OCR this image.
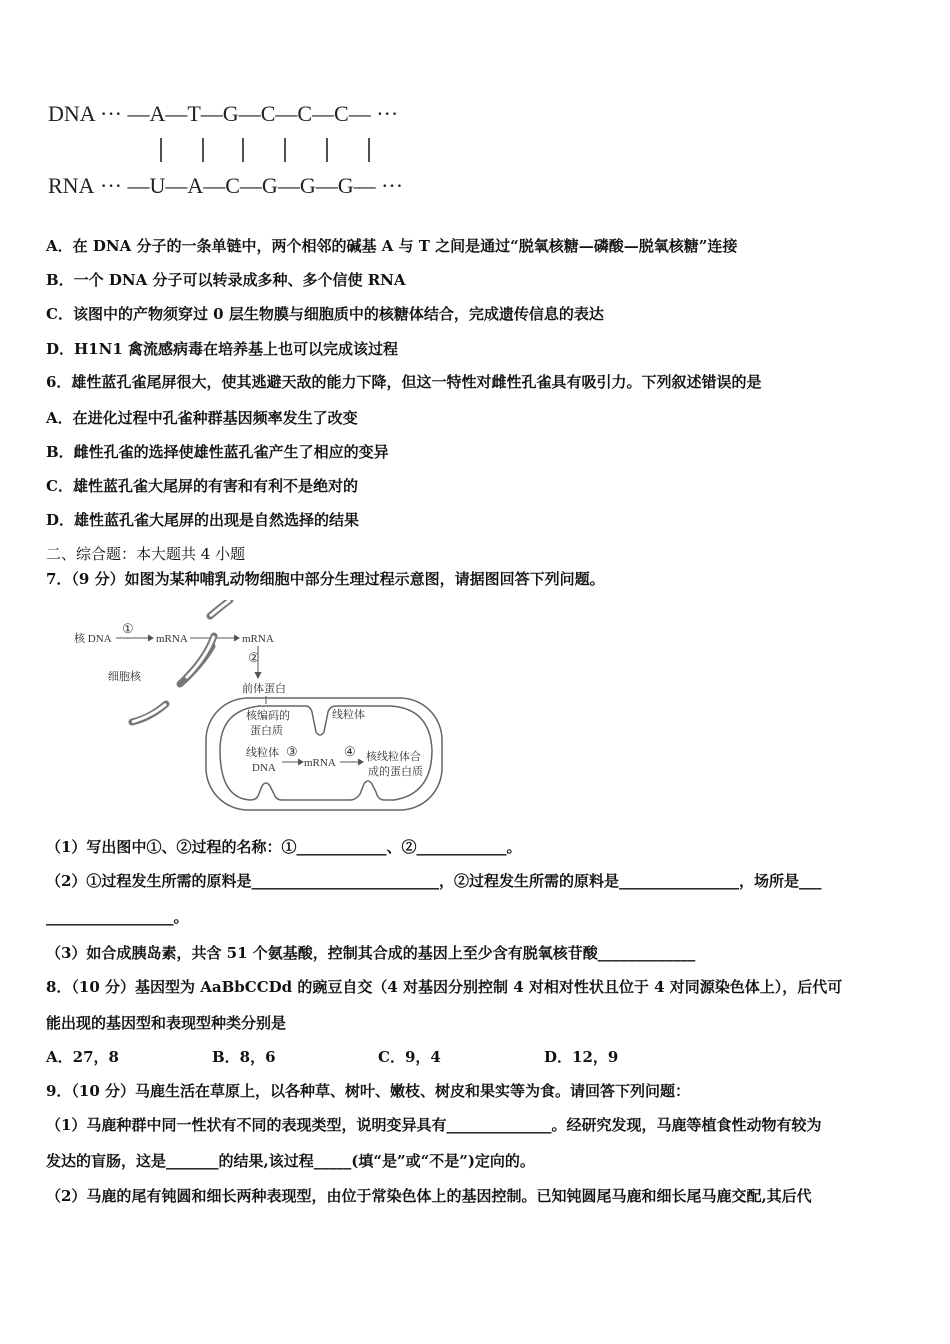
DNA ··· —A—T—G—C—C—C— ···
RNA ··· —U—A—C—G—G—G— ···
A．在 DNA 分子的一条单链中，两个相邻的碱基 A 与 T 之间是通过“脱氧核糖—磷酸—脱氧核糖”连接
B．一个 DNA 分子可以转录成多种、多个信使 RNA
C．该图中的产物须穿过 0 层生物膜与细胞质中的核糖体结合，完成遗传信息的表达
D．H1N1 禽流感病毒在培养基上也可以完成该过程
6．雄性蓝孔雀尾屏很大，使其逃避天敌的能力下降，但这一特性对雌性孔雀具有吸引力。下列叙述错误的是
A．在进化过程中孔雀种群基因频率发生了改变
B．雌性孔雀的选择使雄性蓝孔雀产生了相应的变异
C．雄性蓝孔雀大尾屏的有害和有利不是绝对的
D．雄性蓝孔雀大尾屏的出现是自然选择的结果
二、综合题：本大题共 4 小题
7．（9 分）如图为某种哺乳动物细胞中部分生理过程示意图，请据图回答下列问题。
核 DNA
①
mRNA	mRNA
②
细胞核
前体蛋白
线粒体
核编码的
蛋白质
线粒体
DNA
③
mRNA
④ 核线粒体合
成的蛋白质
（1）写出图中①、②过程的名称：①____________、②____________。
（2）①过程发生所需的原料是_________________________，②过程发生所需的原料是________________，场所是___
_________________。
（3）如合成胰岛素，共含 51 个氨基酸，控制其合成的基因上至少含有脱氧核苷酸_____________
8．（10 分）基因型为 AaBbCCDd 的豌豆自交（4 对基因分别控制 4 对相对性状且位于 4 对同源染色体上），后代可
能出现的基因型和表现型种类分别是
A．27，8	B．8，6	C．9，4	D．12，9
9．（10 分）马鹿生活在草原上，以各种草、树叶、嫩枝、树皮和果实等为食。请回答下列问题：
（1）马鹿种群中同一性状有不同的表现类型，说明变异具有______________。经研究发现，马鹿等植食性动物有较为
发达的盲肠，这是_______的结果,该过程_____(填“是”或“不是”)定向的。
（2）马鹿的尾有钝圆和细长两种表现型，由位于常染色体上的基因控制。已知钝圆尾马鹿和细长尾马鹿交配,其后代
